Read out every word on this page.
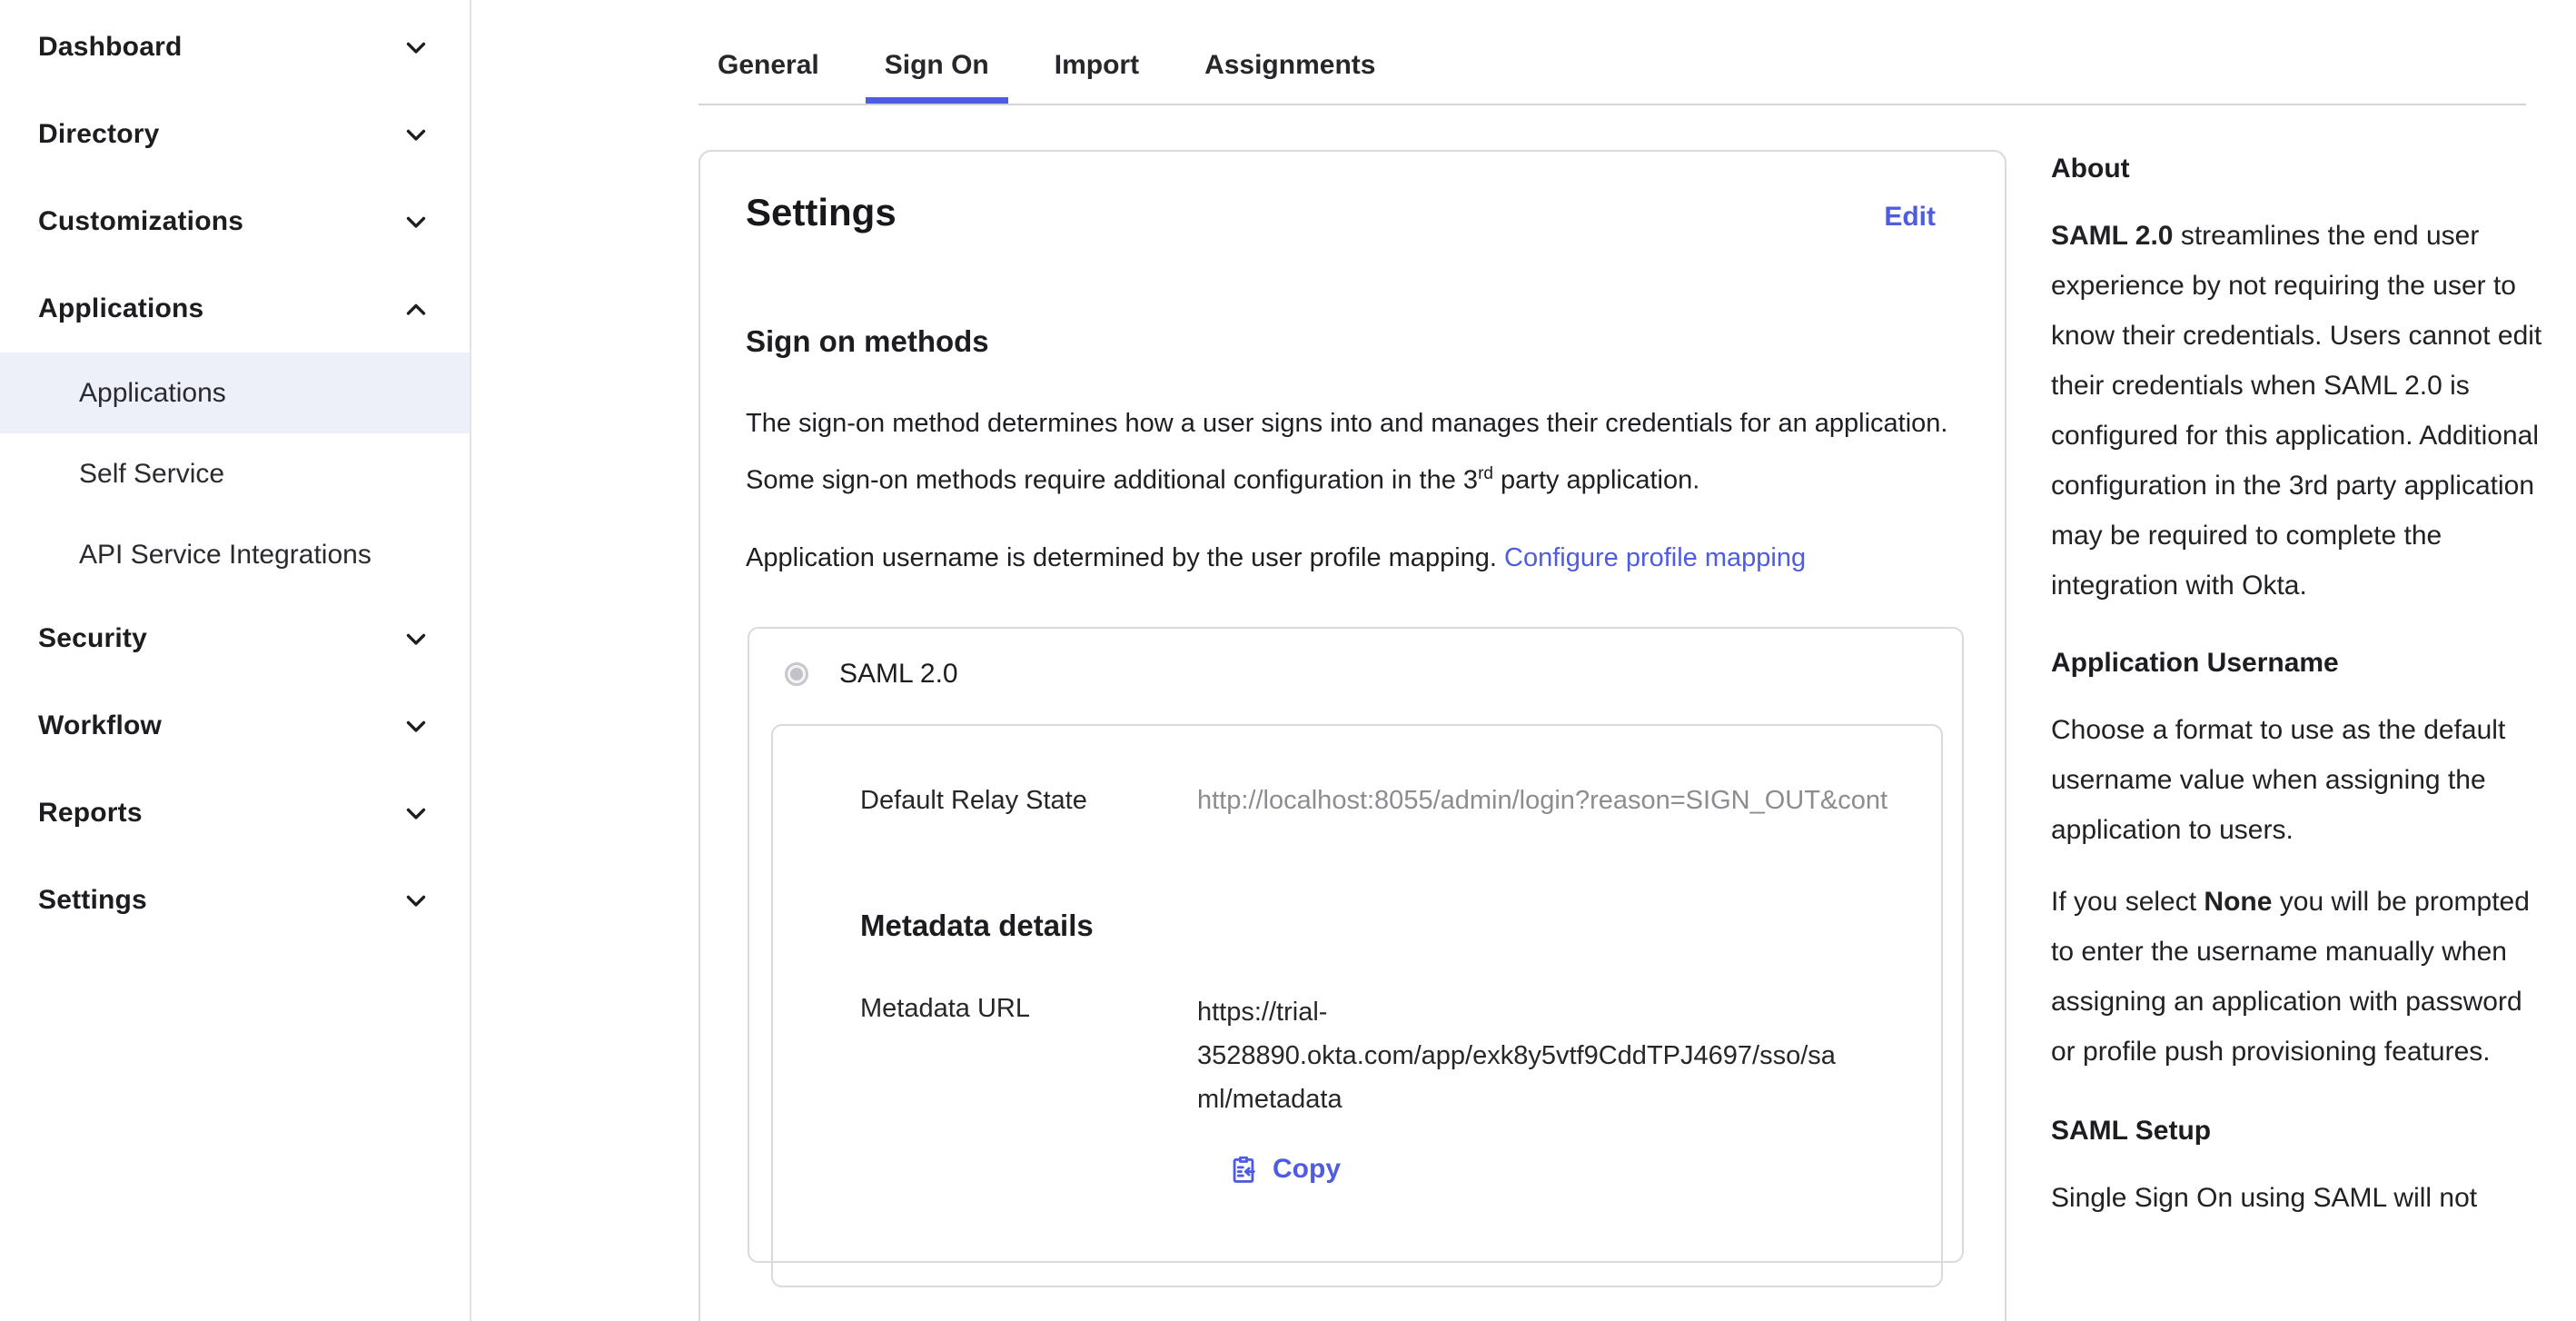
Dashboard
Directory
Customizations
Applications
Applications
Self Service
API Service Integrations
Security
Workflow
Reports
Settings
General Sign On Import Assignments
Settings	Edit
Sign on methods

The sign-on method determines how a user signs into and manages their credentials for an application. Some sign-on methods require additional configuration in the 3rd party application.

Application username is determined by the user profile mapping. Configure profile mapping

SAML 2.0
Default Relay State	http://localhost:8055/admin/login?reason=SIGN_OUT&cont
Metadata details
Metadata URL	https://trial-
3528890.okta.com/app/exk8y5vtf9CddTPJ4697/sso/sa
ml/metadata
Copy
About

SAML 2.0 streamlines the end user experience by not requiring the user to know their credentials. Users cannot edit their credentials when SAML 2.0 is configured for this application. Additional configuration in the 3rd party application may be required to complete the integration with Okta.

Application Username

Choose a format to use as the default username value when assigning the application to users.

If you select None you will be prompted to enter the username manually when assigning an application with password or profile push provisioning features.

SAML Setup

Single Sign On using SAML will not
